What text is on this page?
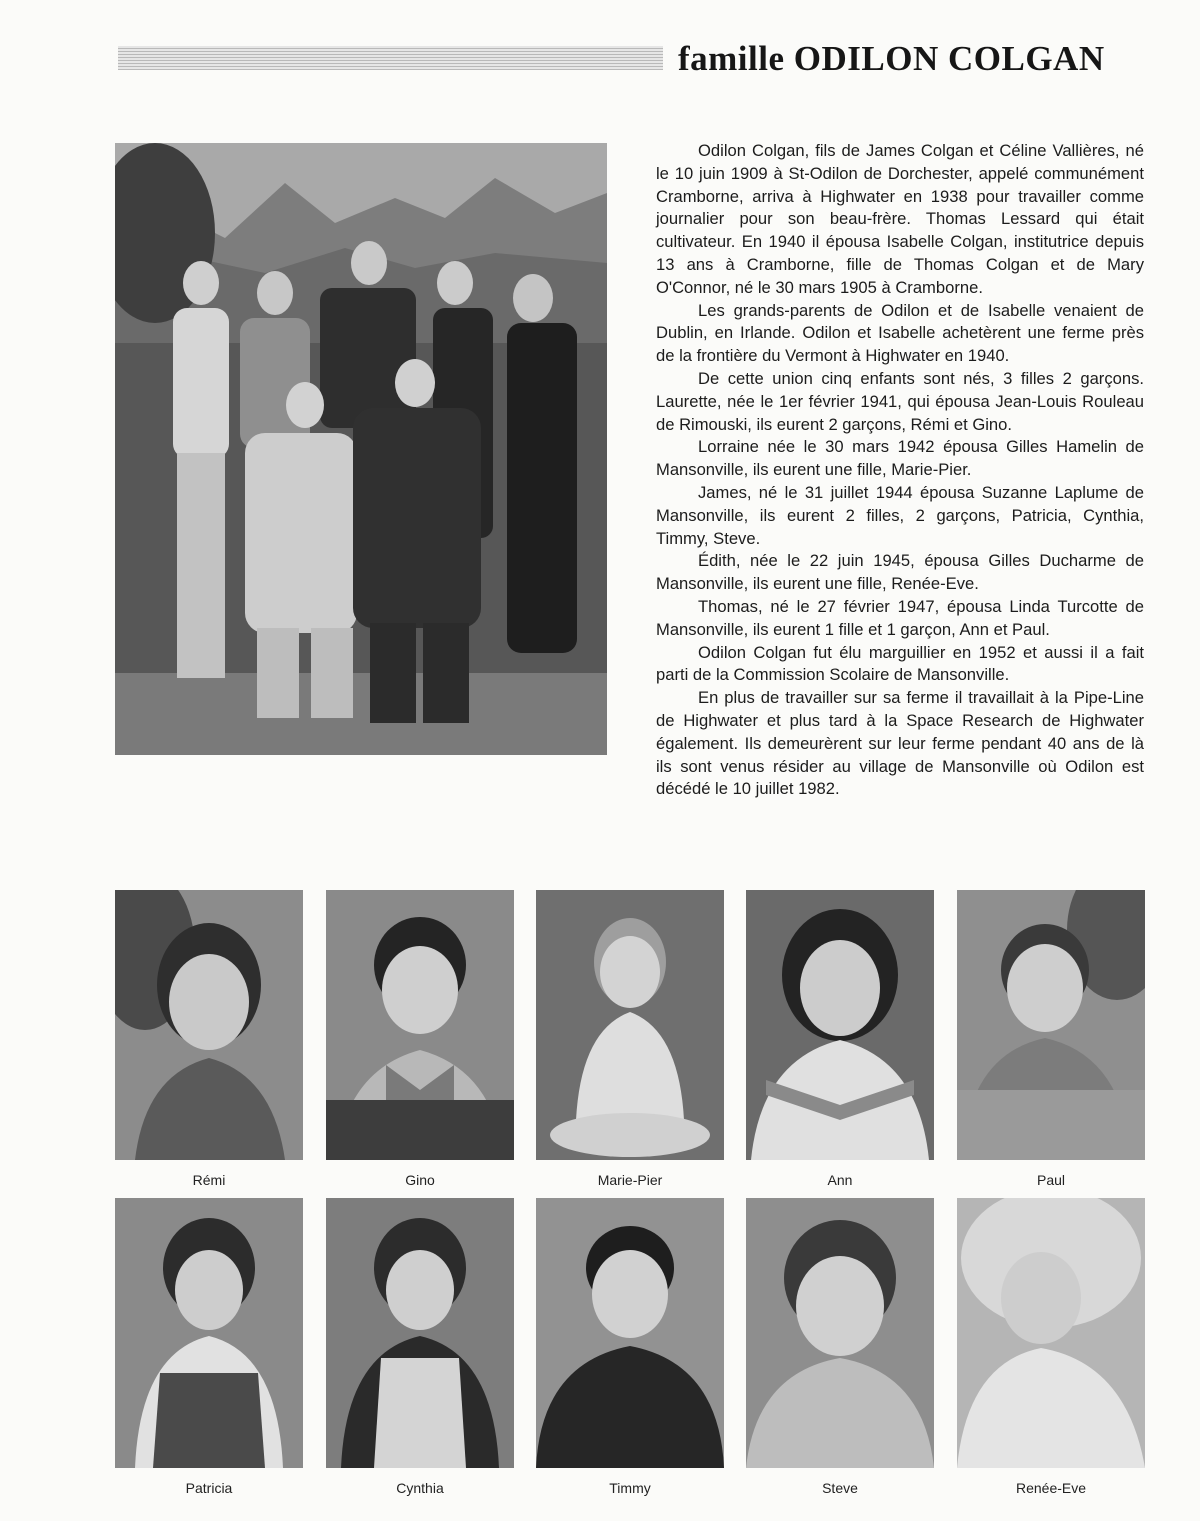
famille ODILON COLGAN

Odilon Colgan, fils de James Colgan et Céline Vallières, né le 10 juin 1909 à St-Odilon de Dorchester, appelé communément Cramborne, arriva à Highwater en 1938 pour travailler comme journalier pour son beau-frère. Thomas Lessard qui était cultivateur. En 1940 il épousa Isabelle Colgan, institutrice depuis 13 ans à Cramborne, fille de Thomas Colgan et de Mary O'Connor, né le 30 mars 1905 à Cramborne.

Les grands-parents de Odilon et de Isabelle venaient de Dublin, en Irlande. Odilon et Isabelle achetèrent une ferme près de la frontière du Vermont à Highwater en 1940.

De cette union cinq enfants sont nés, 3 filles 2 garçons. Laurette, née le 1er février 1941, qui épousa Jean-Louis Rouleau de Rimouski, ils eurent 2 garçons, Rémi et Gino.

Lorraine née le 30 mars 1942 épousa Gilles Hamelin de Mansonville, ils eurent une fille, Marie-Pier.

James, né le 31 juillet 1944 épousa Suzanne Laplume de Mansonville, ils eurent 2 filles, 2 garçons, Patricia, Cynthia, Timmy, Steve.

Édith, née le 22 juin 1945, épousa Gilles Ducharme de Mansonville, ils eurent une fille, Renée-Eve.

Thomas, né le 27 février 1947, épousa Linda Turcotte de Mansonville, ils eurent 1 fille et 1 garçon, Ann et Paul.

Odilon Colgan fut élu marguillier en 1952 et aussi il a fait parti de la Commission Scolaire de Mansonville.

En plus de travailler sur sa ferme il travaillait à la Pipe-Line de Highwater et plus tard à la Space Research de Highwater également. Ils demeurèrent sur leur ferme pendant 40 ans de là ils sont venus résider au village de Mansonville où Odilon est décédé le 10 juillet 1982.

Rémi	Gino	Marie-Pier	Ann	Paul
Patricia	Cynthia	Timmy	Steve	Renée-Eve
